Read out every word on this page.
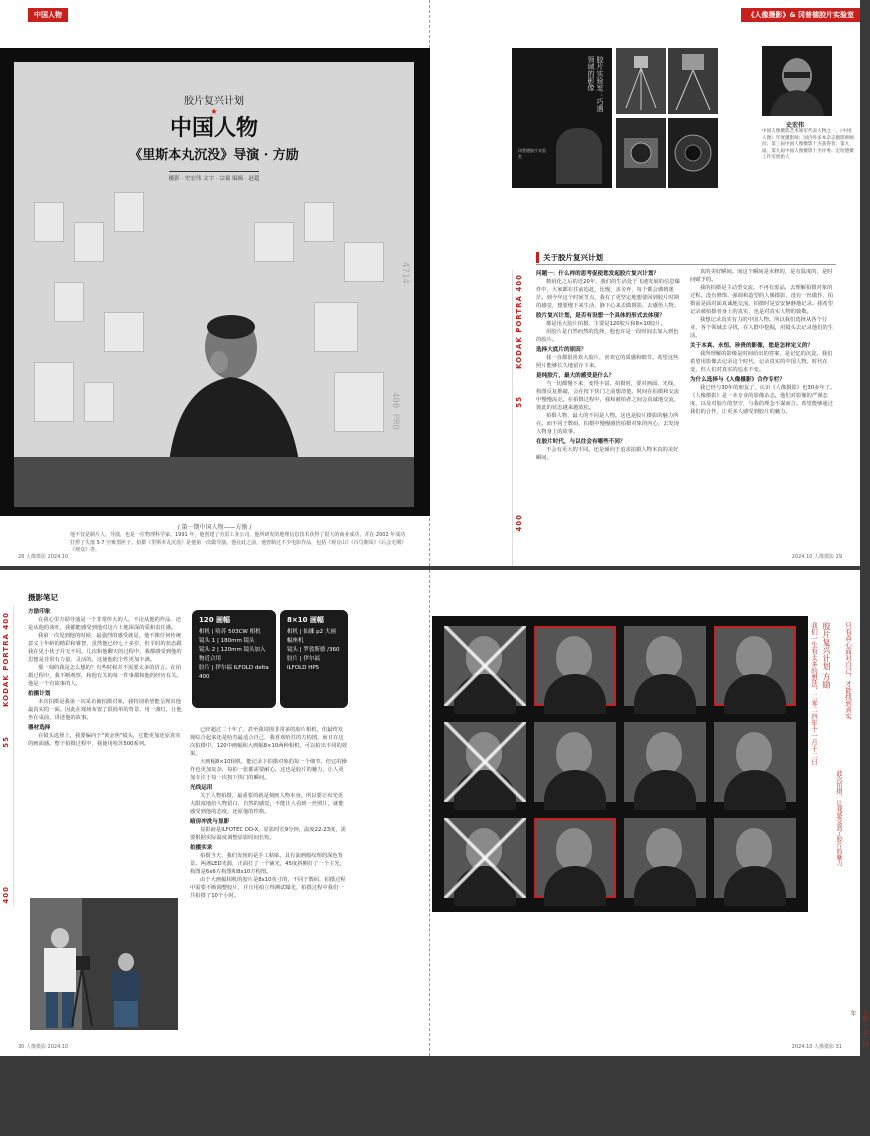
中国人物
胶片复兴计划
★
中国人物
《里斯本丸沉没》导演 · 方励
摄影 · 史宏伟 文字 · 宗寰 编辑 · 赵超
4714
400 PRO
/ 第一期中国人物——方励 /
他不仅是制片人、导演，也是一位物理科学家。1991 年，他创建了劳雷工业公司。他所研发的地理信息技术获得了很大的商业成功，并在 2002 年成功打捞了失落 5·7 空难黑匣子。拍摄《里斯本丸沉没》是他第一次做导演。他在此之前，他曾制过不少电影作品，包括《观音山》《百鸟朝凤》《后会无期》《观众》等。
28 人像摄影 2024.10
《人像摄影》& 冈普德胶片实验室
胶片实验室：巧遇领域的影像
冈普德胶片实验室
史宏伟
中国人像摄影艺术领军代表人物之一，《中国人像》年度摄影师；国内外多本杂志摄影师顾问；第三届中国人像摄影十杰获得者；第九届、第九届中国人像摄影十杰评委；宏哈德摄工作室创始人
KODAK PORTRA 400
55
400
关于胶片复兴计划
问题一：什么样的思考促使您发起胶片复兴计划？
数码化之后的近20年，我们的生活处于飞速发展的信息爆炸中，大家都在往前追赶，比慢、求舍弃、每个都会感到迷茫。到今年这个时间节点，我有了更坚定地想要回到胶片时期的感觉，想要慢下来生活，静下心来去做摄影，去感悟人物。
胶片复兴计划，是否有设想一个具体的形式去体现？
都是用大胶片拍摄，主要是120胶片和8×10胶片。
用胶片是自然而然的选择，他也许是一段时间去加入到色的胶片。
选择大底片的原因？
我一直都很喜欢大胶片，喜欢它的质感和细节。希望这些照片能够长久地留存下来。
是纯胶片，最大的感受是什么？
当一切都慢下来，变得丰富。拍摄时，要对画面、光线、构图反复推敲，会在按下快门之前想清楚。时间在拍摄和交流中慢慢流走。在拍摄过程中，我和被拍者之间会真诚地交流，彼此的状态越来越放松。
拍摄人物，最大的不同是人物。这也是胶片摄影的魅力所在。而不同于数码，拍摄中慢慢感悟拍摄对象的内心，去发现人物身上的故事。
在胶片时代，与以往会有哪些不同？
不会有更大的不同。还是倾向于追求拍摄人物本真的美好瞬间。
真的美好瞬间。而这个瞬间是未修的，是有温度的，是时间赋予的。
我的拍摄是主动型交流。不再有废品，去理解拍摄对象的过程。没有修饰、强调和造型的人像摄影，没有一丝做作、拍摄前是面对面真诚地交流，拍摄时是安安静静地记录。我希望记录被拍摄者身上的真实，也是对真实人物的致敬。
我想记录真实有力的中国人物。所以我们选择从各个行业、各个领域去寻找，在人群中挖掘，用镜头去记录他们的生活。
关于本真、永恒、珍贵的影像，您是怎样定义的？
我所理解的影像是时间给出的答案，是记忆的沉淀。我们希望用影像去记录这个时代，记录真实的中国人物。时代在变，但人们对真实的追求不变。
为什么选择与《人像摄影》合作专栏？
我已经与30年的朋友了，认识《人像摄影》也30多年了。《人像摄影》是一本专业的影像杂志，他们对影像的严谨态度，以及对胶片的坚守，与我的理念不谋而合。希望能够通过我们的合作，让更多人感受到胶片的魅力。
2024.10 人像摄影 29
KODAK PORTRA 400
55
400
摄影笔记
方励印象
在我心里方励导演是一个非常传大的人。不论从他的作品、还是从他的谈吐，我都能感受到他对这片土地深深的爱和责任感。
我第一次见到他的时候，最强烈的感受就是，他不像任何传统意义上年龄的精彩和睿智，虽然他已经七十多岁，但平时的状态跟我在见小伙子并无不同。几次和他聊天的过程中，我都感受到他的思想是非常有力量、灵活的，这使他的个性更加丰满。
那一刻的我是怎么想的？有些时候并不需要太多的语言。在拍摄过程中，我不断观察，和他有关的每一件事都和他的经历有关。他是一个有故事的人。
拍摄计划
本次拍摄是我第一次采访被拍摄对象，我特别希望能呈现出他最真实的一面。因此在现场布置了很简单的背景，用一盏灯，让他坐在桌前，讲述他的故事。
器材选择
在镜头选择上，我要偏向于"黄金焦"镜头，它能更加还原真实的画面感。整个拍摄过程中，我使用哈苏500系列。
120 画幅
相机 | 哈苏 503CW 相机
镜头 1 | 180mm 镜头
镜头 2 | 120mm 镜头加入物近合用
胶片 | 伊尔福 ILFOLD delta 400
8×10 画幅
相机 | 仙娜 p2 大画幅座机
镜头 | 罗敦斯德 /360
胶片 | 伊尔福 ILFOLD HP5
已经超过二十年了，甚至我周围非常多的胶片相机，但最终发现综合起来还是哈苏最适合自己，我喜欢哈苏的方构图，而且在这次拍摄中，120中画幅和大画幅8×10两种相机，可以拍出不同的效果。
大画幅8×10相机，能记录下拍摄对象的每一个细节。但它的操作也更加复杂，每拍一张都需要耐心。这也是胶片的魅力，让人更加专注于每一次按下快门的瞬间。
光线运用
关于人物拍摄，最重要的就是刻画人物本身。所以要让布光更大限度地给人物留白，自然的感觉，不能让人看到一丝照片，就能感受到他的态度，还原他的性格。
暗房冲洗与显影
显影液是ILFOTEC DD-X。显影时长9分钟，温度22-23度，需要根据实际温度调整显影时间长短。
拍摄实录
拍摄当天，我们发现的是手工粘贴。具有油画般纹理的深色背景。两盏LED光源，正面打了一个铺光，45度斜侧打了一个主光，构图是6x6方构图和8x10方构图。
由于大画幅相机的胶片是8x10英寸的，不同于数码，拍摄过程中需要不断调整胶片，并且用拍立得测试曝光，拍摄过程中我们一共拍摄了10个小时。
30 人像摄影 2024.10	2024.10 人像摄影 31
胶片复兴计划 方励
我们一生有太多的想法，二零二四年十一月十二日	只有真心面对自己，才能找到真实
此次拍摄，让我感受到了胶片的魅力
方励 二零二四年
